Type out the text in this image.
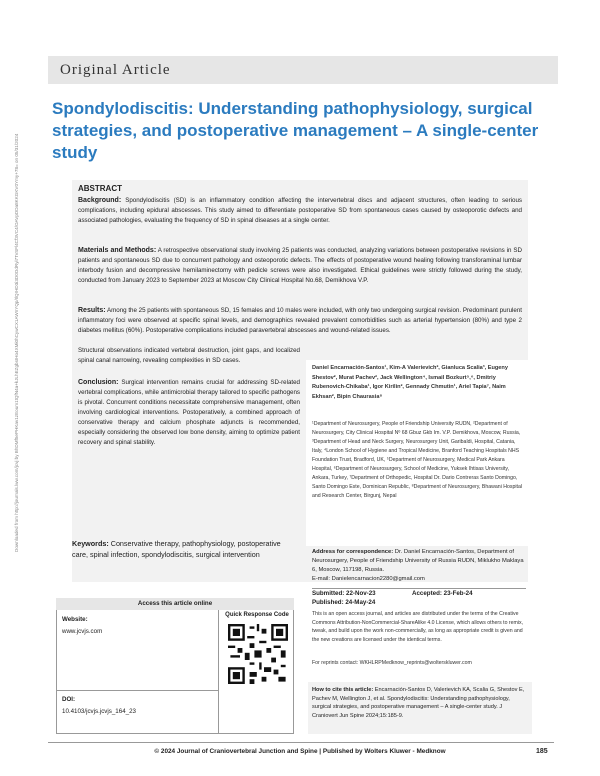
Original Article
Spondylodiscitis: Understanding pathophysiology, surgical strategies, and postoperative management – A single-center study
Downloaded from http://journals.lww.com/jcvj by BhDMf5ePHKav1zEoum1tQfN4a+kJLhEZgbsIHo4XMi0hCywCX1AWnYQp/IlQrHD3i3D0OdRyi7TvSFl4Cf3VC4/OAVpDDa8KKGKV0Ymy+78= on 05/31/2024	ABSTRACT
Background: Spondylodiscitis (SD) is an inflammatory condition affecting the intervertebral discs and adjacent structures, often leading to serious complications, including epidural abscesses. This study aimed to differentiate postoperative SD from spontaneous cases caused by osteoporotic defects and associated pathologies, evaluating the frequency of SD in spinal diseases at a single center.
Materials and Methods: A retrospective observational study involving 25 patients was conducted, analyzing variations between postoperative revisions in SD patients and spontaneous SD due to concurrent pathology and osteoporotic defects. The effects of postoperative wound healing following transforaminal lumbar interbody fusion and decompressive hemilaminectomy with pedicle screws were also investigated. Ethical guidelines were strictly followed during the study, conducted from January 2023 to September 2023 at Moscow City Clinical Hospital No.68, Demikhova V.P.
Results: Among the 25 patients with spontaneous SD, 15 females and 10 males were included, with only two undergoing surgical revision. Predominant purulent inflammatory foci were observed at specific spinal levels, and demographics revealed prevalent comorbidities such as arterial hypertension (80%) and type 2 diabetes mellitus (60%). Postoperative complications included paravertebral abscesses and wound-related issues.
Structural observations indicated vertebral destruction, joint gaps, and localized spinal canal narrowing, revealing complexities in SD cases.
Conclusion: Surgical intervention remains crucial for addressing SD-related vertebral complications, while antimicrobial therapy tailored to specific pathogens is pivotal. Concurrent conditions necessitate comprehensive management, often involving cardiological interventions. Postoperatively, a combined approach of conservative therapy and calcium phosphate adjuncts is recommended, especially considering the observed low bone density, aiming to optimize patient recovery and spinal stability.
Daniel Encarnación-Santos¹, Kim-A Valerievich², Gianluca Scalia³, Eugeny Shestov², Murat Pachev², Jack Wellington⁴, Ismail Bozkurt⁵,⁶, Dmitriy Rubenovich-Chikaba¹, Igor Kirilin², Gennady Chmutin¹, Ariel Tapia⁷, Naim Ekhsan², Bipin Chaurasia⁸
¹Department of Neurosurgery, People of Friendship University RUDN, ²Department of Neurosurgery, City Clinical Hospital Nº 68 Gbuz Gkb Im. V.P. Demikhova, Moscow, Russia, ³Department of Head and Neck Surgery, Neurosurgery Unit, Garibaldi, Hospital, Catania, Italy, ⁴London School of Hygiene and Tropical Medicine, Branford Teaching Hospitals NHS Foundation Trust, Bradford, UK, ⁵Department of Neurosurgery, Medical Park Ankara Hospital, ⁶Department of Neurosurgery, School of Medicine, Yuksek Ihtisas University, Ankara, Turkey, ⁷Department of Orthopedic, Hospital Dr. Dario Contreras Santo Domingo, Santo Domingo Este, Dominican Republic, ⁸Department of Neurosurgery, Bhawani Hospital and Research Center, Birgunj, Nepal
Keywords: Conservative therapy, pathophysiology, postoperative care, spinal infection, spondylodiscitis, surgical intervention	Address for correspondence: Dr. Daniel Encarnación-Santos, Department of Neurosurgery, People of Friendship University of Russia RUDN, Miklukho Maklaya 6, Moscow, 117198, Russia.
E-mail: Danielencarnacion2280@gmail.com
Submitted: 22-Nov-23	Accepted: 23-Feb-24
Published: 24-May-24
This is an open access journal, and articles are distributed under the terms of the Creative Commons Attribution-NonCommercial-ShareAlike 4.0 License, which allows others to remix, tweak, and build upon the work non-commercially, as long as appropriate credit is given and the new creations are licensed under the identical terms.
For reprints contact: WKHLRPMedknow_reprints@wolterskluwer.com
How to cite this article: Encarnación-Santos D, Valerievich KA, Scalia G, Shestov E, Pachev M, Wellington J, et al. Spondylodiscitis: Understanding pathophysiology, surgical strategies, and postoperative management – A single-center study. J Craniovert Jun Spine 2024;15:185-9.
Access this article online
Quick Response Code
Website:
www.jcvjs.com
DOI:
10.4103/jcvjs.jcvjs_164_23
© 2024 Journal of Craniovertebral Junction and Spine | Published by Wolters Kluwer - Medknow	185
